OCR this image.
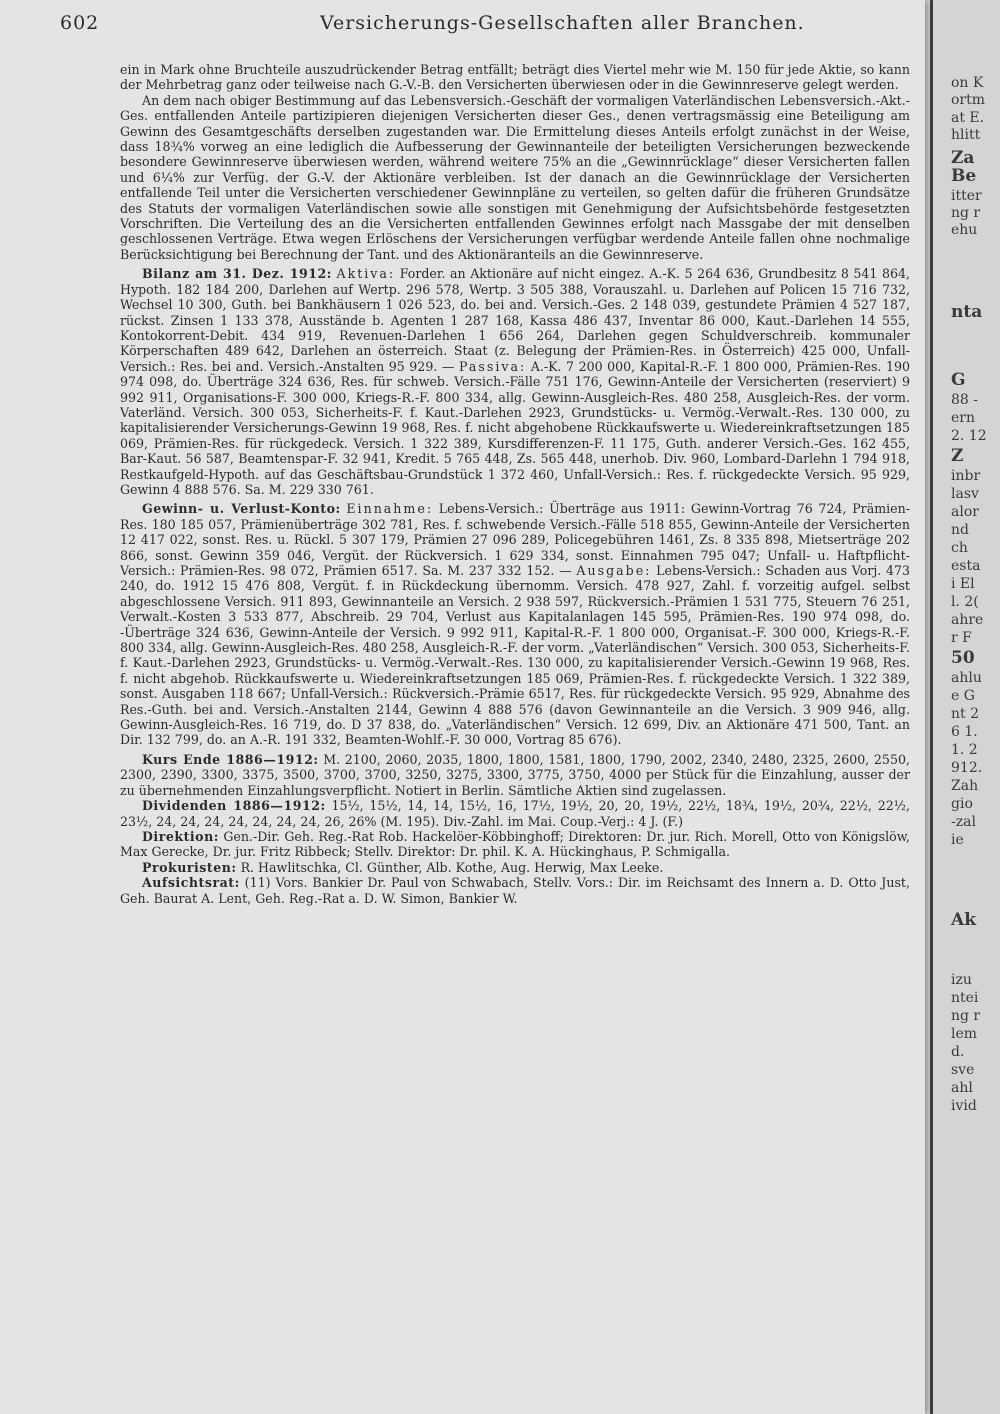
602	Versicherungs-Gesellschaften aller Branchen.

ein in Mark ohne Bruchteile auszudrückender Betrag entfällt; beträgt dies Viertel mehr wie M. 150 für jede Aktie, so kann der Mehrbetrag ganz oder teilweise nach G.-V.-B. den Versicherten überwiesen oder in die Gewinnreserve gelegt werden.

An dem nach obiger Bestimmung auf das Lebensversich.-Geschäft der vormaligen Vaterländischen Lebensversich.-Akt.-Ges. entfallenden Anteile partizipieren diejenigen Versicherten dieser Ges., denen vertragsmässig eine Beteiligung am Gewinn des Gesamtgeschäfts derselben zugestanden war. Die Ermittelung dieses Anteils erfolgt zunächst in der Weise, dass 18¾% vorweg an eine lediglich die Aufbesserung der Gewinnanteile der beteiligten Versicherungen bezweckende besondere Gewinnreserve überwiesen werden, während weitere 75% an die „Gewinnrücklage“ dieser Versicherten fallen und 6¼% zur Verfüg. der G.-V. der Aktionäre verbleiben. Ist der danach an die Gewinnrücklage der Versicherten entfallende Teil unter die Versicherten verschiedener Gewinnpläne zu verteilen, so gelten dafür die früheren Grundsätze des Statuts der vormaligen Vaterländischen sowie alle sonstigen mit Genehmigung der Aufsichtsbehörde festgesetzten Vorschriften. Die Verteilung des an die Versicherten entfallenden Gewinnes erfolgt nach Massgabe der mit denselben geschlossenen Verträge. Etwa wegen Erlöschens der Versicherungen verfügbar werdende Anteile fallen ohne nochmalige Berücksichtigung bei Berechnung der Tant. und des Aktionäranteils an die Gewinnreserve.

Bilanz am 31. Dez. 1912: Aktiva: Forder. an Aktionäre auf nicht eingez. A.-K. 5 264 636, Grundbesitz 8 541 864, Hypoth. 182 184 200, Darlehen auf Wertp. 296 578, Wertp. 3 505 388, Vorauszahl. u. Darlehen auf Policen 15 716 732, Wechsel 10 300, Guth. bei Bankhäusern 1 026 523, do. bei and. Versich.-Ges. 2 148 039, gestundete Prämien 4 527 187, rückst. Zinsen 1 133 378, Ausstände b. Agenten 1 287 168, Kassa 486 437, Inventar 86 000, Kaut.-Darlehen 14 555, Kontokorrent-Debit. 434 919, Revenuen-Darlehen 1 656 264, Darlehen gegen Schuldverschreib. kommunaler Körperschaften 489 642, Darlehen an österreich. Staat (z. Belegung der Prämien-Res. in Österreich) 425 000, Unfall-Versich.: Res. bei and. Versich.-Anstalten 95 929. — Passiva: A.-K. 7 200 000, Kapital-R.-F. 1 800 000, Prämien-Res. 190 974 098, do. Überträge 324 636, Res. für schweb. Versich.-Fälle 751 176, Gewinn-Anteile der Versicherten (reserviert) 9 992 911, Organisations-F. 300 000, Kriegs-R.-F. 800 334, allg. Gewinn-Ausgleich-Res. 480 258, Ausgleich-Res. der vorm. Vaterländ. Versich. 300 053, Sicherheits-F. f. Kaut.-Darlehen 2923, Grundstücks- u. Vermög.-Verwalt.-Res. 130 000, zu kapitalisierender Versicherungs-Gewinn 19 968, Res. f. nicht abgehobene Rückkaufswerte u. Wiedereinkraftsetzungen 185 069, Prämien-Res. für rückgedeck. Versich. 1 322 389, Kursdifferenzen-F. 11 175, Guth. anderer Versich.-Ges. 162 455, Bar-Kaut. 56 587, Beamtenspar-F. 32 941, Kredit. 5 765 448, Zs. 565 448, unerhob. Div. 960, Lombard-Darlehn 1 794 918, Restkaufgeld-Hypoth. auf das Geschäftsbau-Grundstück 1 372 460, Unfall-Versich.: Res. f. rückgedeckte Versich. 95 929, Gewinn 4 888 576. Sa. M. 229 330 761.

Gewinn- u. Verlust-Konto: Einnahme: Lebens-Versich.: Überträge aus 1911: Gewinn-Vortrag 76 724, Prämien-Res. 180 185 057, Prämienüberträge 302 781, Res. f. schwebende Versich.-Fälle 518 855, Gewinn-Anteile der Versicherten 12 417 022, sonst. Res. u. Rückl. 5 307 179, Prämien 27 096 289, Policegebühren 1461, Zs. 8 335 898, Mietserträge 202 866, sonst. Gewinn 359 046, Vergüt. der Rückversich. 1 629 334, sonst. Einnahmen 795 047; Unfall- u. Haftpflicht-Versich.: Prämien-Res. 98 072, Prämien 6517. Sa. M. 237 332 152. — Ausgabe: Lebens-Versich.: Schaden aus Vorj. 473 240, do. 1912 15 476 808, Vergüt. f. in Rückdeckung übernomm. Versich. 478 927, Zahl. f. vorzeitig aufgel. selbst abgeschlossene Versich. 911 893, Gewinnanteile an Versich. 2 938 597, Rückversich.-Prämien 1 531 775, Steuern 76 251, Verwalt.-Kosten 3 533 877, Abschreib. 29 704, Verlust aus Kapitalanlagen 145 595, Prämien-Res. 190 974 098, do. -Überträge 324 636, Gewinn-Anteile der Versich. 9 992 911, Kapital-R.-F. 1 800 000, Organisat.-F. 300 000, Kriegs-R.-F. 800 334, allg. Gewinn-Ausgleich-Res. 480 258, Ausgleich-R.-F. der vorm. „Vaterländischen“ Versich. 300 053, Sicherheits-F. f. Kaut.-Darlehen 2923, Grundstücks- u. Vermög.-Verwalt.-Res. 130 000, zu kapitalisierender Versich.-Gewinn 19 968, Res. f. nicht abgehob. Rückkaufswerte u. Wiedereinkraftsetzungen 185 069, Prämien-Res. f. rückgedeckte Versich. 1 322 389, sonst. Ausgaben 118 667; Unfall-Versich.: Rückversich.-Prämie 6517, Res. für rückgedeckte Versich. 95 929, Abnahme des Res.-Guth. bei and. Versich.-Anstalten 2144, Gewinn 4 888 576 (davon Gewinnanteile an die Versich. 3 909 946, allg. Gewinn-Ausgleich-Res. 16 719, do. D 37 838, do. „Vaterländischen“ Versich. 12 699, Div. an Aktionäre 471 500, Tant. an Dir. 132 799, do. an A.-R. 191 332, Beamten-Wohlf.-F. 30 000, Vortrag 85 676).

Kurs Ende 1886—1912: M. 2100, 2060, 2035, 1800, 1800, 1581, 1800, 1790, 2002, 2340, 2480, 2325, 2600, 2550, 2300, 2390, 3300, 3375, 3500, 3700, 3700, 3250, 3275, 3300, 3775, 3750, 4000 per Stück für die Einzahlung, ausser der zu übernehmenden Einzahlungsverpflicht. Notiert in Berlin. Sämtliche Aktien sind zugelassen.

Dividenden 1886—1912: 15½, 15½, 14, 14, 15½, 16, 17½, 19½, 20, 20, 19½, 22½, 18¾, 19½, 20¾, 22½, 22½, 23½, 24, 24, 24, 24, 24, 24, 24, 26, 26% (M. 195). Div.-Zahl. im Mai. Coup.-Verj.: 4 J. (F.)

Direktion: Gen.-Dir. Geh. Reg.-Rat Rob. Hackelöer-Köbbinghoff; Direktoren: Dr. jur. Rich. Morell, Otto von Königslöw, Max Gerecke, Dr. jur. Fritz Ribbeck; Stellv. Direktor: Dr. phil. K. A. Hückinghaus, P. Schmigalla.

Prokuristen: R. Hawlitschka, Cl. Günther, Alb. Kothe, Aug. Herwig, Max Leeke.

Aufsichtsrat: (11) Vors. Bankier Dr. Paul von Schwabach, Stellv. Vors.: Dir. im Reichsamt des Innern a. D. Otto Just, Geh. Baurat A. Lent, Geh. Reg.-Rat a. D. W. Simon, Bankier W.

on K
ortm
at E.
hlitt
Za
Be
itter
ng r
ehu
nta
G
88 -
ern
2. 12
Z
inbr
lasv
alor
nd
ch
esta
i El
l. 2(
ahre
r F
50
ahlu
e G
nt 2
6 1.
1. 2
912.
Zah
gio
-zal
ie
Ak
izu
ntei
ng r
lem
d.
sve
ahl
ivid
